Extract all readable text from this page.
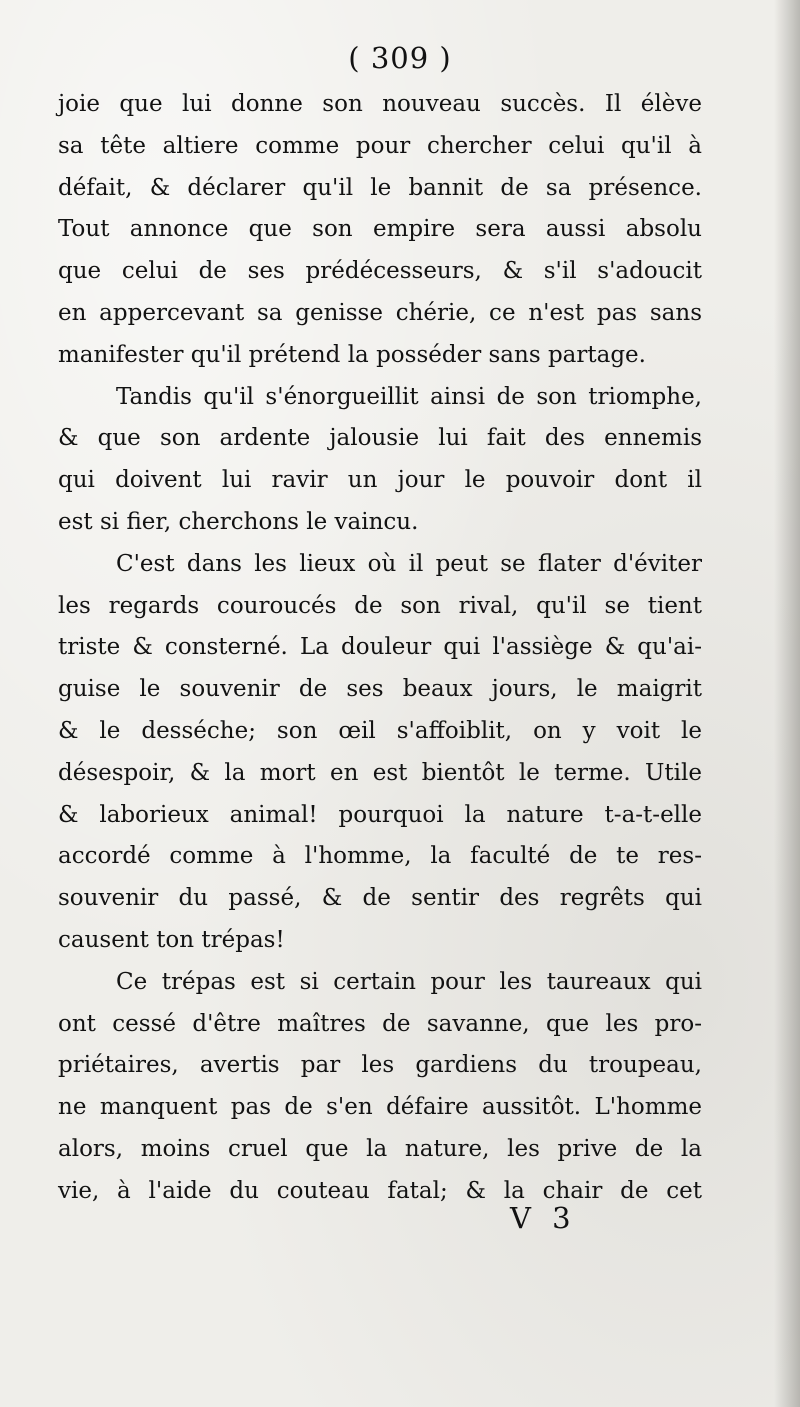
( 309 )
joie que lui donne son nouveau succès. Il élève
sa tête altiere comme pour chercher celui qu'il à
défait, & déclarer qu'il le bannit de sa présence.
Tout annonce que son empire sera aussi absolu
que celui de ses prédécesseurs, & s'il s'adoucit
en appercevant sa genisse chérie, ce n'est pas sans
manifester qu'il prétend la posséder sans partage.
Tandis qu'il s'énorgueillit ainsi de son triomphe,
& que son ardente jalousie lui fait des ennemis
qui doivent lui ravir un jour le pouvoir dont il
est si fier, cherchons le vaincu.
C'est dans les lieux où il peut se flater d'éviter
les regards couroucés de son rival, qu'il se tient
triste & consterné. La douleur qui l'assiège & qu'ai-
guise le souvenir de ses beaux jours, le maigrit
& le desséche; son œil s'affoiblit, on y voit le
désespoir, & la mort en est bientôt le terme. Utile
& laborieux animal! pourquoi la nature t-a-t-elle
accordé comme à l'homme, la faculté de te res-
souvenir du passé, & de sentir des regrêts qui
causent ton trépas!
Ce trépas est si certain pour les taureaux qui
ont cessé d'être maîtres de savanne, que les pro-
priétaires, avertis par les gardiens du troupeau,
ne manquent pas de s'en défaire aussitôt. L'homme
alors, moins cruel que la nature, les prive de la
vie, à l'aide du couteau fatal; & la chair de cet
V 3
